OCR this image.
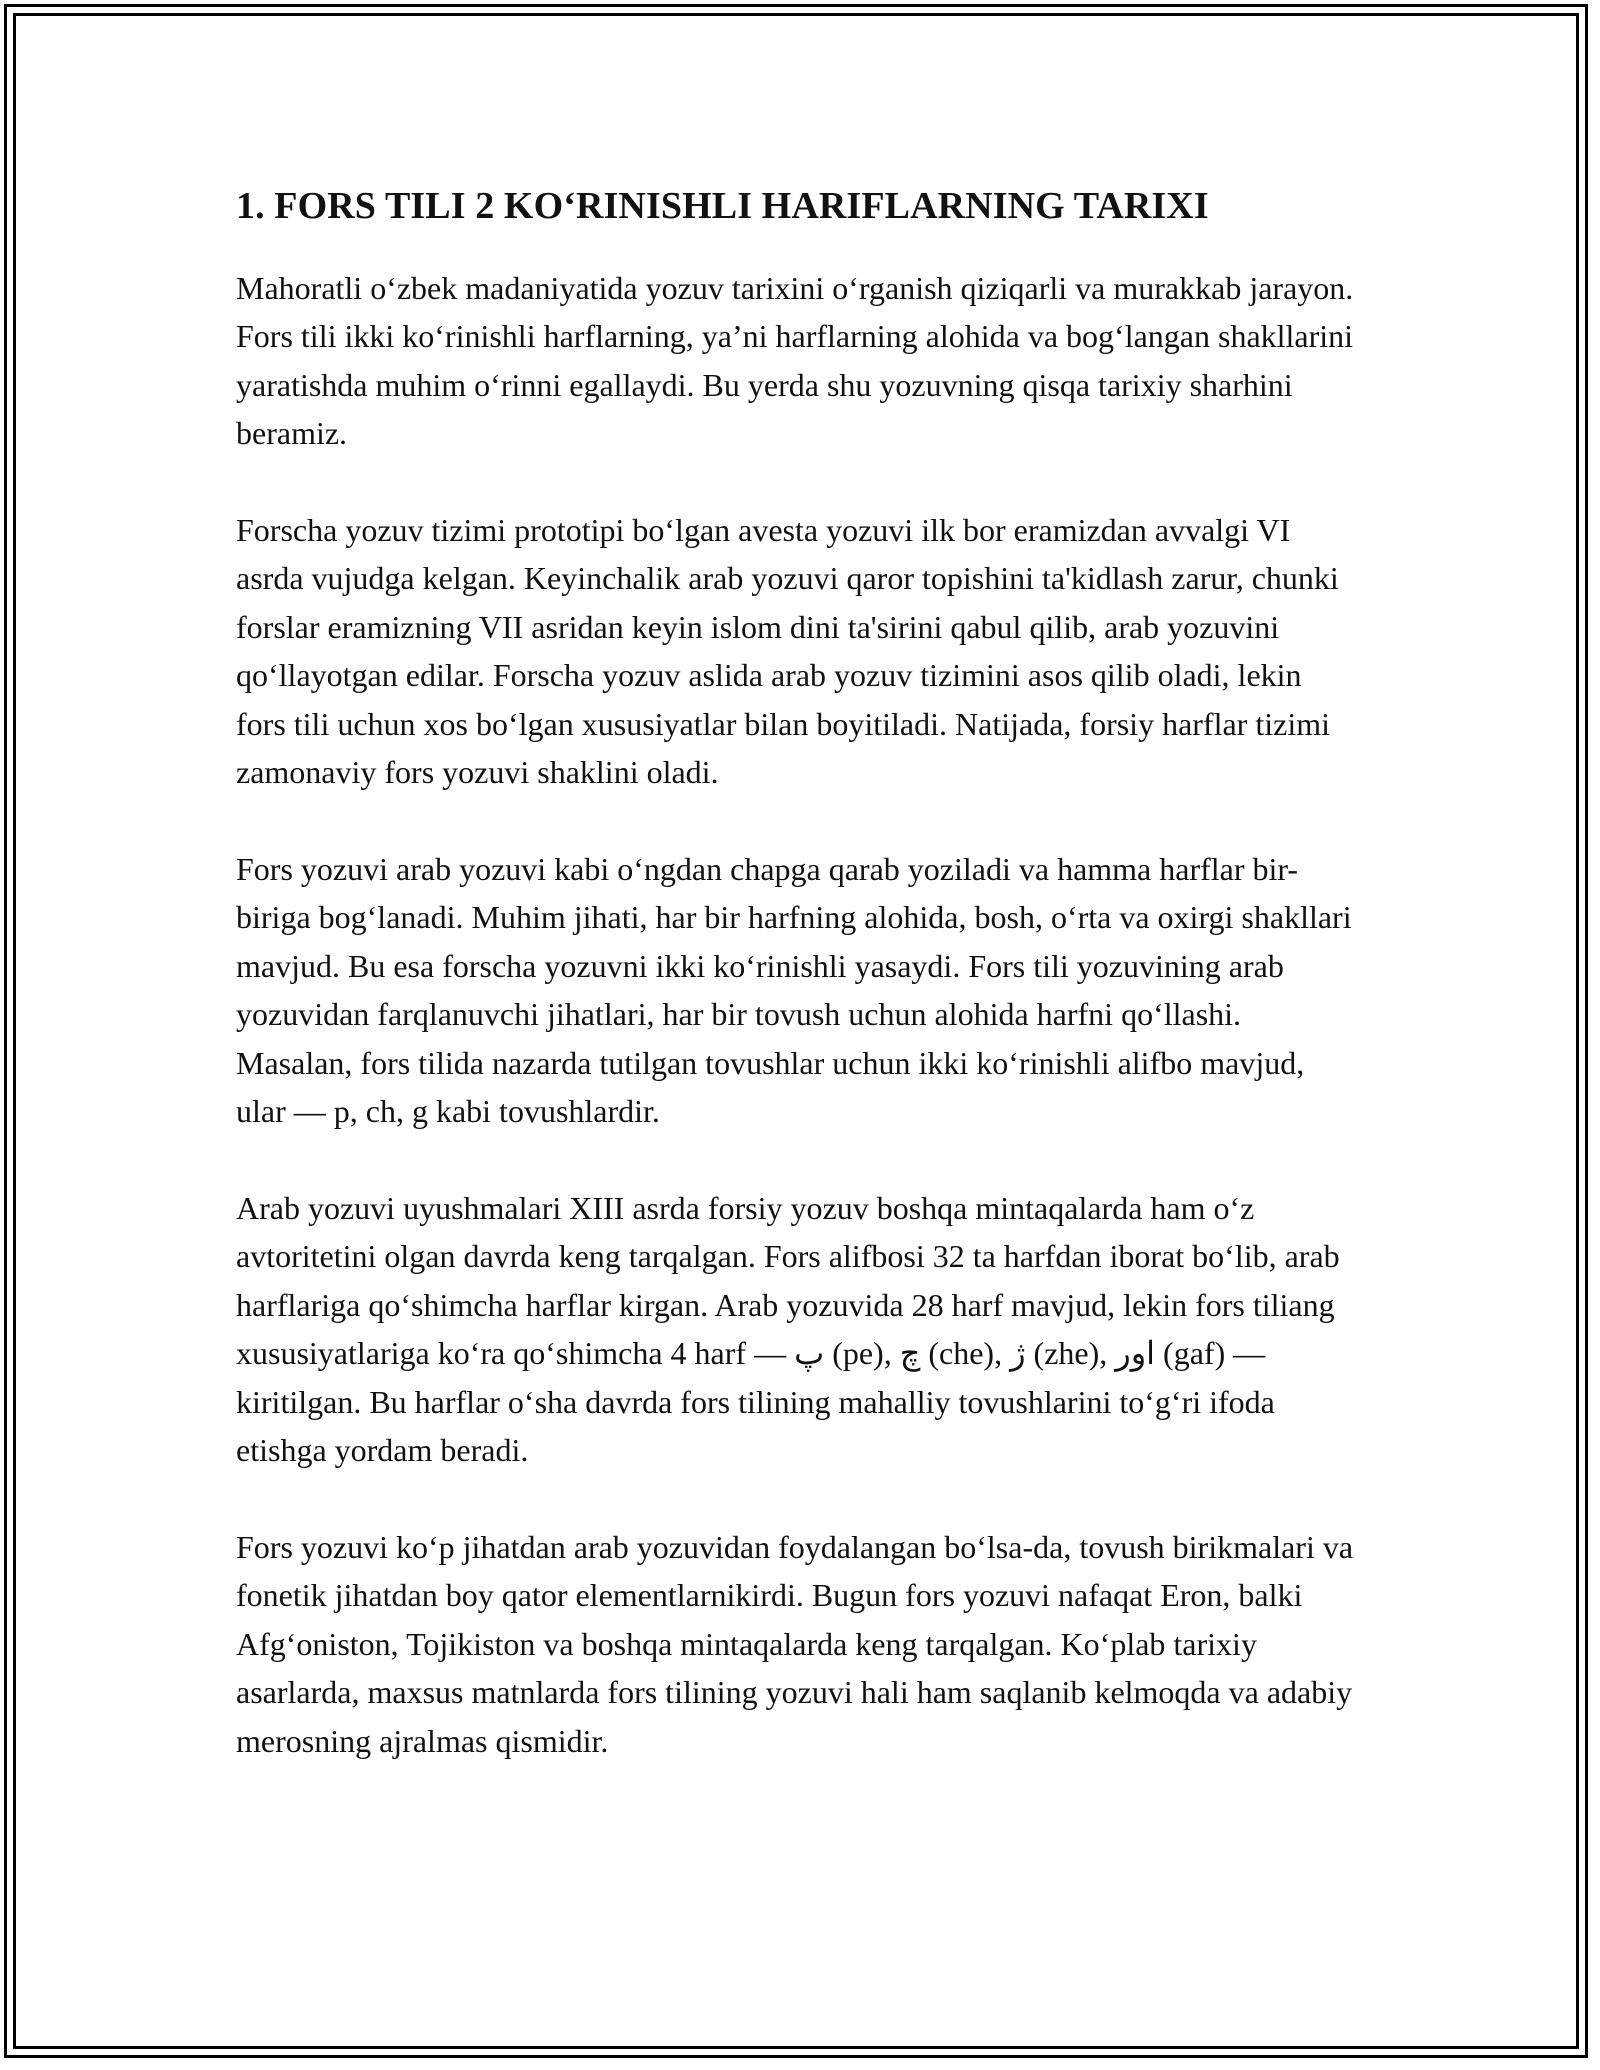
1. FORS TILI 2 KO‘RINISHLI HARIFLARNING TARIXI

Mahoratli o‘zbek madaniyatida yozuv tarixini o‘rganish qiziqarli va murakkab jarayon. Fors tili ikki ko‘rinishli harflarning, ya’ni harflarning alohida va bog‘langan shakllarini yaratishda muhim o‘rinni egallaydi. Bu yerda shu yozuvning qisqa tarixiy sharhini beramiz.

Forscha yozuv tizimi prototipi bo‘lgan avesta yozuvi ilk bor eramizdan avvalgi VI asrda vujudga kelgan. Keyinchalik arab yozuvi qaror topishini ta'kidlash zarur, chunki forslar eramizning VII asridan keyin islom dini ta'sirini qabul qilib, arab yozuvini qo‘llayotgan edilar. Forscha yozuv aslida arab yozuv tizimini asos qilib oladi, lekin fors tili uchun xos bo‘lgan xususiyatlar bilan boyitiladi. Natijada, forsiy harflar tizimi zamonaviy fors yozuvi shaklini oladi.

Fors yozuvi arab yozuvi kabi o‘ngdan chapga qarab yoziladi va hamma harflar bir-biriga bog‘lanadi. Muhim jihati, har bir harfning alohida, bosh, o‘rta va oxirgi shakllari mavjud. Bu esa forscha yozuvni ikki ko‘rinishli yasaydi. Fors tili yozuvining arab yozuvidan farqlanuvchi jihatlari, har bir tovush uchun alohida harfni qo‘llashi. Masalan, fors tilida nazarda tutilgan tovushlar uchun ikki ko‘rinishli alifbo mavjud, ular — p, ch, g kabi tovushlardir.

Arab yozuvi uyushmalari XIII asrda forsiy yozuv boshqa mintaqalarda ham o‘z avtoritetini olgan davrda keng tarqalgan. Fors alifbosi 32 ta harfdan iborat bo‘lib, arab harflariga qo‘shimcha harflar kirgan. Arab yozuvida 28 harf mavjud, lekin fors tiliang xususiyatlariga ko‘ra qo‘shimcha 4 harf — پ (pe), چ (che), ژ (zhe), اور (gaf) — kiritilgan. Bu harflar o‘sha davrda fors tilining mahalliy tovushlarini to‘g‘ri ifoda etishga yordam beradi.

Fors yozuvi ko‘p jihatdan arab yozuvidan foydalangan bo‘lsa-da, tovush birikmalari va fonetik jihatdan boy qator elementlarnikirdi. Bugun fors yozuvi nafaqat Eron, balki Afg‘oniston, Tojikiston va boshqa mintaqalarda keng tarqalgan. Ko‘plab tarixiy asarlarda, maxsus matnlarda fors tilining yozuvi hali ham saqlanib kelmoqda va adabiy merosning ajralmas qismidir.
